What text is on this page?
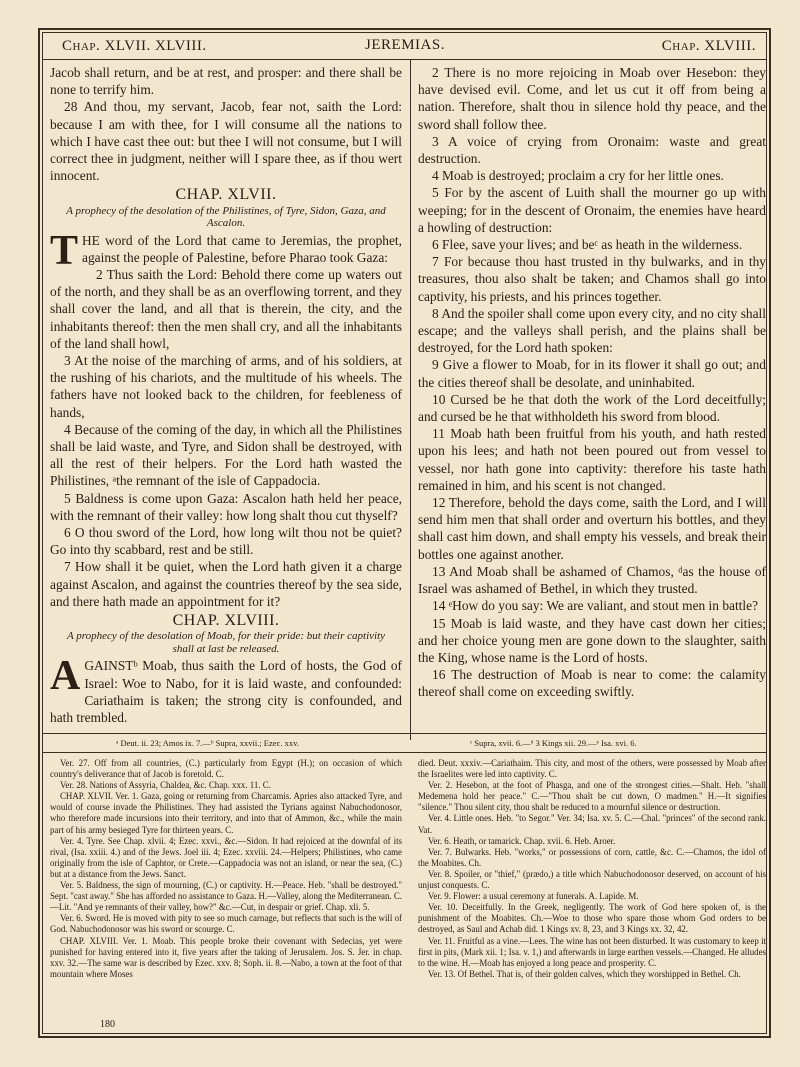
Chap. XLVII. XLVIII.	JEREMIAS.	Chap. XLVIII.

Jacob shall return, and be at rest, and prosper: and there shall be none to terrify him.

28 And thou, my servant, Jacob, fear not, saith the Lord: because I am with thee, for I will consume all the nations to which I have cast thee out: but thee I will not consume, but I will correct thee in judgment, neither will I spare thee, as if thou wert innocent.

CHAP. XLVII.
A prophecy of the desolation of the Philistines, of Tyre, Sidon, Gaza, and Ascalon.

THE word of the Lord that came to Jeremias, the prophet, against the people of Palestine, before Pharao took Gaza:

2 Thus saith the Lord: Behold there come up waters out of the north, and they shall be as an overflowing torrent, and they shall cover the land, and all that is therein, the city, and the inhabitants thereof: then the men shall cry, and all the inhabitants of the land shall howl,

3 At the noise of the marching of arms, and of his soldiers, at the rushing of his chariots, and the multitude of his wheels. The fathers have not looked back to the children, for feebleness of hands,

4 Because of the coming of the day, in which all the Philistines shall be laid waste, and Tyre, and Sidon shall be destroyed, with all the rest of their helpers. For the Lord hath wasted the Philistines, ᵃthe remnant of the isle of Cappadocia.

5 Baldness is come upon Gaza: Ascalon hath held her peace, with the remnant of their valley: how long shalt thou cut thyself?

6 O thou sword of the Lord, how long wilt thou not be quiet? Go into thy scabbard, rest and be still.

7 How shall it be quiet, when the Lord hath given it a charge against Ascalon, and against the countries thereof by the sea side, and there hath made an appointment for it?

CHAP. XLVIII.
A prophecy of the desolation of Moab, for their pride: but their captivity shall at last be released.

AGAINSTᵇ Moab, thus saith the Lord of hosts, the God of Israel: Woe to Nabo, for it is laid waste, and confounded: Cariathaim is taken; the strong city is confounded, and hath trembled.

2 There is no more rejoicing in Moab over Hesebon: they have devised evil. Come, and let us cut it off from being a nation. Therefore, shalt thou in silence hold thy peace, and the sword shall follow thee.

3 A voice of crying from Oronaim: waste and great destruction.

4 Moab is destroyed; proclaim a cry for her little ones.

5 For by the ascent of Luith shall the mourner go up with weeping; for in the descent of Oronaim, the enemies have heard a howling of destruction:

6 Flee, save your lives; and beᶜ as heath in the wilderness.

7 For because thou hast trusted in thy bulwarks, and in thy treasures, thou also shalt be taken; and Chamos shall go into captivity, his priests, and his princes together.

8 And the spoiler shall come upon every city, and no city shall escape; and the valleys shall perish, and the plains shall be destroyed, for the Lord hath spoken:

9 Give a flower to Moab, for in its flower it shall go out; and the cities thereof shall be desolate, and uninhabited.

10 Cursed be he that doth the work of the Lord deceitfully; and cursed be he that withholdeth his sword from blood.

11 Moab hath been fruitful from his youth, and hath rested upon his lees; and hath not been poured out from vessel to vessel, nor hath gone into captivity: therefore his taste hath remained in him, and his scent is not changed.

12 Therefore, behold the days come, saith the Lord, and I will send him men that shall order and overturn his bottles, and they shall cast him down, and shall empty his vessels, and break their bottles one against another.

13 And Moab shall be ashamed of Chamos, ᵈas the house of Israel was ashamed of Bethel, in which they trusted.

14 ᵉHow do you say: We are valiant, and stout men in battle?

15 Moab is laid waste, and they have cast down her cities; and her choice young men are gone down to the slaughter, saith the King, whose name is the Lord of hosts.

16 The destruction of Moab is near to come: the calamity thereof shall come on exceeding swiftly.

ᵃ Deut. ii. 23; Amos ix. 7.—ᵇ Supra, xxvii.; Ezec. xxv.	ᶜ Supra, xvii. 6.—ᵈ 3 Kings xii. 29.—ᵉ Isa. xvi. 6.

Ver. 27. Off from all countries, (C.) particularly from Egypt (H.); on occasion of which country's deliverance that of Jacob is foretold. C.

Ver. 28. Nations of Assyria, Chaldea, &c. Chap. xxx. 11. C.

CHAP. XLVII. Ver. 1. Gaza, going or returning from Charcamis. Apries also attacked Tyre, and would of course invade the Philistines. They had assisted the Tyrians against Nabuchodonosor, who therefore made incursions into their territory, and into that of Ammon, &c., while the main part of his army besieged Tyre for thirteen years. C.

Ver. 4. Tyre. See Chap. xlvii. 4; Ezec. xxvi., &c.—Sidon. It had rejoiced at the downfal of its rival, (Isa. xxiii. 4.) and of the Jews. Joel iii. 4; Ezec. xxviii. 24.—Helpers; Philistines, who came originally from the isle of Caphtor, or Crete.—Cappadocia was not an island, or near the sea, (C.) but at a distance from the Jews. Sanct.

Ver. 5. Baldness, the sign of mourning, (C.) or captivity. H.—Peace. Heb. "shall be destroyed." Sept. "cast away." She has afforded no assistance to Gaza. H.—Valley, along the Mediterranean. C.—Lit. "And ye remnants of their valley, how?" &c.—Cut, in despair or grief. Chap. xli. 5.

Ver. 6. Sword. He is moved with pity to see so much carnage, but reflects that such is the will of God. Nabuchodonosor was his sword or scourge. C.

CHAP. XLVIII. Ver. 1. Moab. This people broke their covenant with Sedecias, yet were punished for having entered into it, five years after the taking of Jerusalem. Jos. S. Jer. in chap. xxv. 32.—The same war is described by Ezec. xxv. 8; Soph. ii. 8.—Nabo, a town at the foot of that mountain where Moses

died. Deut. xxxiv.—Cariathaim. This city, and most of the others, were possessed by Moab after the Israelites were led into captivity. C.

Ver. 2. Hesebon, at the foot of Phasga, and one of the strongest cities.—Shalt. Heb. "shall Medemena hold her peace." C.—"Thou shalt be cut down, O madmen." H.—It signifies "silence." Thou silent city, thou shalt be reduced to a mournful silence or destruction.

Ver. 4. Little ones. Heb. "to Segor." Ver. 34; Isa. xv. 5. C.—Chal. "princes" of the second rank. Vat.

Ver. 6. Heath, or tamarick. Chap. xvii. 6. Heb. Aroer.

Ver. 7. Bulwarks. Heb. "works," or possessions of corn, cattle, &c. C.—Chamos, the idol of the Moabites. Ch.

Ver. 8. Spoiler, or "thief," (prædo,) a title which Nabuchodonosor deserved, on account of his unjust conquests. C.

Ver. 9. Flower: a usual ceremony at funerals. A. Lapide. M.

Ver. 10. Deceitfully. In the Greek, negligently. The work of God here spoken of, is the punishment of the Moabites. Ch.—Woe to those who spare those whom God orders to be destroyed, as Saul and Achab did. 1 Kings xv. 8, 23, and 3 Kings xx. 32, 42.

Ver. 11. Fruitful as a vine.—Lees. The wine has not been disturbed. It was customary to keep it first in pits, (Mark xii. 1; Isa. v. 1,) and afterwards in large earthen vessels.—Changed. He alludes to the wine. H.—Moab has enjoyed a long peace and prosperity. C.

Ver. 13. Of Bethel. That is, of their golden calves, which they worshipped in Bethel. Ch.

180
